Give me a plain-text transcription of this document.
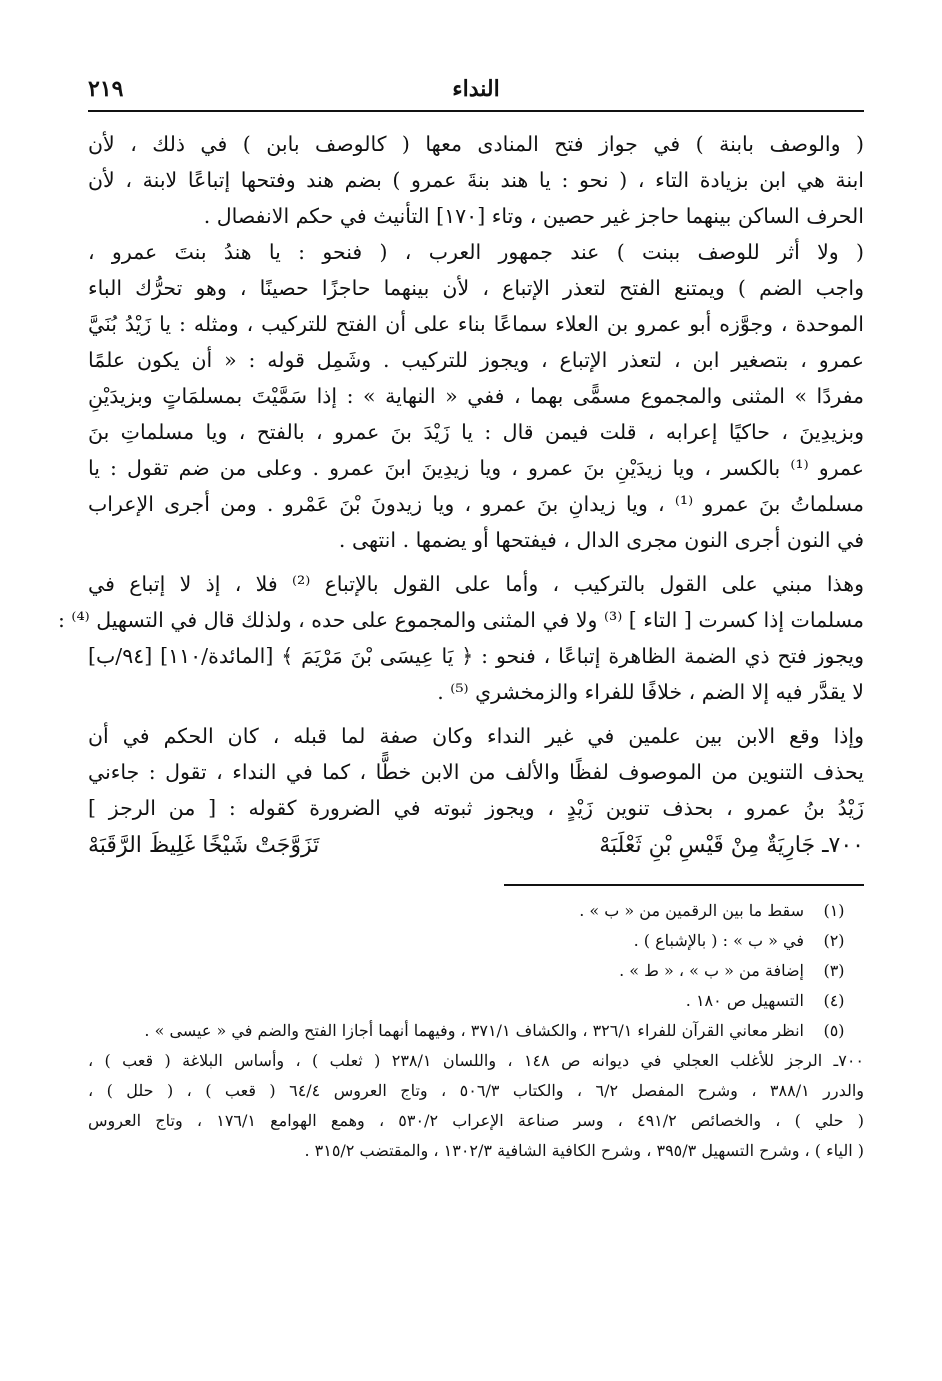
النداء
٢١٩
( والوصف بابنة ) في جواز فتح المنادى معها ( كالوصف بابن ) في ذلك ، لأن
ابنة هي ابن بزيادة التاء ، ( نحو : يا هند بنةَ عمرو ) بضم هند وفتحها إتباعًا لابنة ، لأن
الحرف الساكن بينهما حاجز غير حصين ، وتاء [١٧٠] التأنيث في حكم الانفصال .
( ولا أثر للوصف ببنت ) عند جمهور العرب ، ( فنحو : يا هندُ بنتَ عمرو ،
واجب الضم ) ويمتنع الفتح لتعذر الإتباع ، لأن بينهما حاجزًا حصينًا ، وهو تحرُّك الباء
الموحدة ، وجوَّزه أبو عمرو بن العلاء سماعًا بناء على أن الفتح للتركيب ، ومثله : يا زَيْدُ بُنَيَّ
عمرو ، بتصغير ابن ، لتعذر الإتباع ، ويجوز للتركيب . وشَمِل قوله : « أن يكون علمًا
مفردًا » المثنى والمجموع مسمًّى بهما ، ففي « النهاية » : إذا سَمَّيْتَ بمسلمَاتٍ وبزيدَيْنِ
وبزيدِينَ ، حاكيًا إعرابه ، قلت فيمن قال : يا زَيْدَ بنَ عمرو ، بالفتح ، ويا مسلماتِ بنَ
عمرو ⁽¹⁾ بالكسر ، ويا زيدَيْنِ بنَ عمرو ، ويا زيدِينَ ابنَ عمرو . وعلى من ضم تقول : يا
مسلماتُ بنَ عمرو ⁽¹⁾ ، ويا زيدانِ بنَ عمرو ، ويا زيدونَ بْنَ عَمْرو . ومن أجرى الإعراب
في النون أجرى النون مجرى الدال ، فيفتحها أو يضمها . انتهى .
وهذا مبني على القول بالتركيب ، وأما على القول بالإتباع ⁽²⁾ فلا ، إذ لا إتباع في
مسلمات إذا كسرت [ التاء ] ⁽³⁾ ولا في المثنى والمجموع على حده ، ولذلك قال في التسهيل ⁽⁴⁾ :
ويجوز فتح ذي الضمة الظاهرة إتباعًا ، فنحو : ﴿ يَا عِيسَى بْنَ مَرْيَمَ ﴾ [المائدة/١١٠] [٩٤/ب]
لا يقدَّر فيه إلا الضم ، خلافًا للفراء والزمخشري ⁽⁵⁾ .
وإذا وقع الابن بين علمين في غير النداء وكان صفة لما قبله ، كان الحكم في أن
يحذف التنوين من الموصوف لفظًا والألف من الابن خطًّا ، كما في النداء ، تقول : جاءني
زَيْدُ بنُ عمرو ، بحذف تنوين زَيْدٍ ، ويجوز ثبوته في الضرورة كقوله : [ من الرجز ]
٧٠٠ـ جَارِيَةٌ مِنْ قَيْسِ بْنِ ثَعْلَبَهْ
تَزَوَّجَتْ شَيْخًا غَلِيظَ الرَّقَبَهْ
(١)
سقط ما بين الرقمين من « ب » .
(٢)
في « ب » : ( بالإشباع ) .
(٣)
إضافة من « ب » ، « ط » .
(٤)
التسهيل ص ١٨٠ .
(٥)
انظر معاني القرآن للفراء ٣٢٦/١ ، والكشاف ٣٧١/١ ، وفيهما أنهما أجازا الفتح والضم في « عيسى » .
٧٠٠ـ الرجز للأغلب العجلي في ديوانه ص ١٤٨ ، واللسان ٢٣٨/١ ( ثعلب ) ، وأساس البلاغة ( قعب ) ،
والدرر ٣٨٨/١ ، وشرح المفصل ٦/٢ ، والكتاب ٥٠٦/٣ ، وتاج العروس ٦٤/٤ ( قعب ) ، ( حلل ) ،
( حلي ) ، والخصائص ٤٩١/٢ ، وسر صناعة الإعراب ٥٣٠/٢ ، وهمع الهوامع ١٧٦/١ ، وتاج العروس
( الياء ) ، وشرح التسهيل ٣٩٥/٣ ، وشرح الكافية الشافية ١٣٠٢/٣ ، والمقتضب ٣١٥/٢ .
